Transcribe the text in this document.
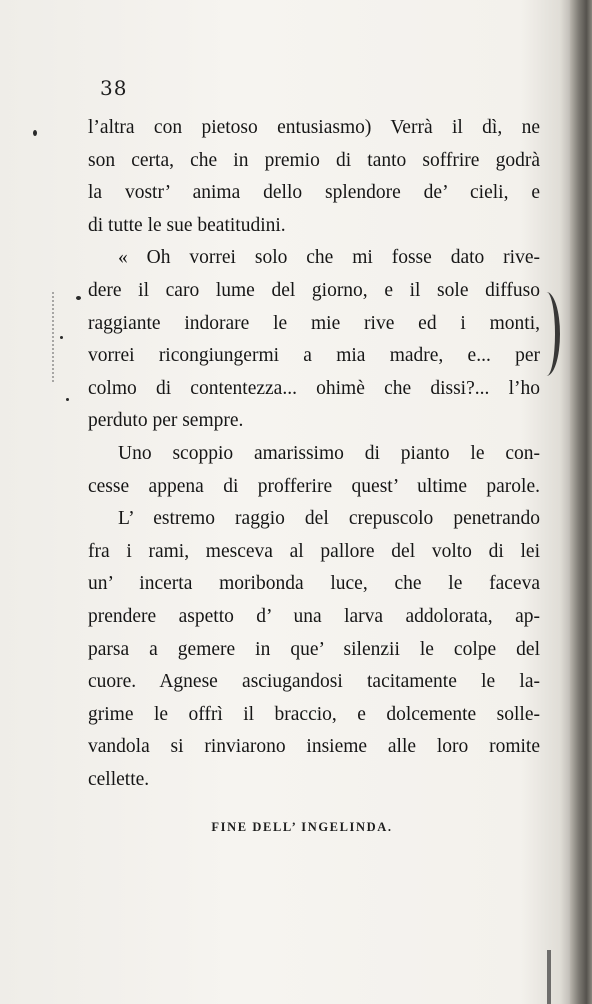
38
l’altra con pietoso entusiasmo) Verrà il dì, ne
son certa, che in premio di tanto soffrire godrà
la vostr’ anima dello splendore de’ cieli, e
di tutte le sue beatitudini.
« Oh vorrei solo che mi fosse dato rive-
dere il caro lume del giorno, e il sole diffuso
raggiante indorare le mie rive ed i monti,
vorrei ricongiungermi a mia madre, e... per
colmo di contentezza... ohimè che dissi?... l’ho
perduto per sempre.
Uno scoppio amarissimo di pianto le con-
cesse appena di profferire quest’ ultime parole.
L’ estremo raggio del crepuscolo penetrando
fra i rami, mesceva al pallore del volto di lei
un’ incerta moribonda luce, che le faceva
prendere aspetto d’ una larva addolorata, ap-
parsa a gemere in que’ silenzii le colpe del
cuore. Agnese asciugandosi tacitamente le la-
grime le offrì il braccio, e dolcemente solle-
vandola si rinviarono insieme alle loro romite
cellette.
FINE DELL’ INGELINDA.
